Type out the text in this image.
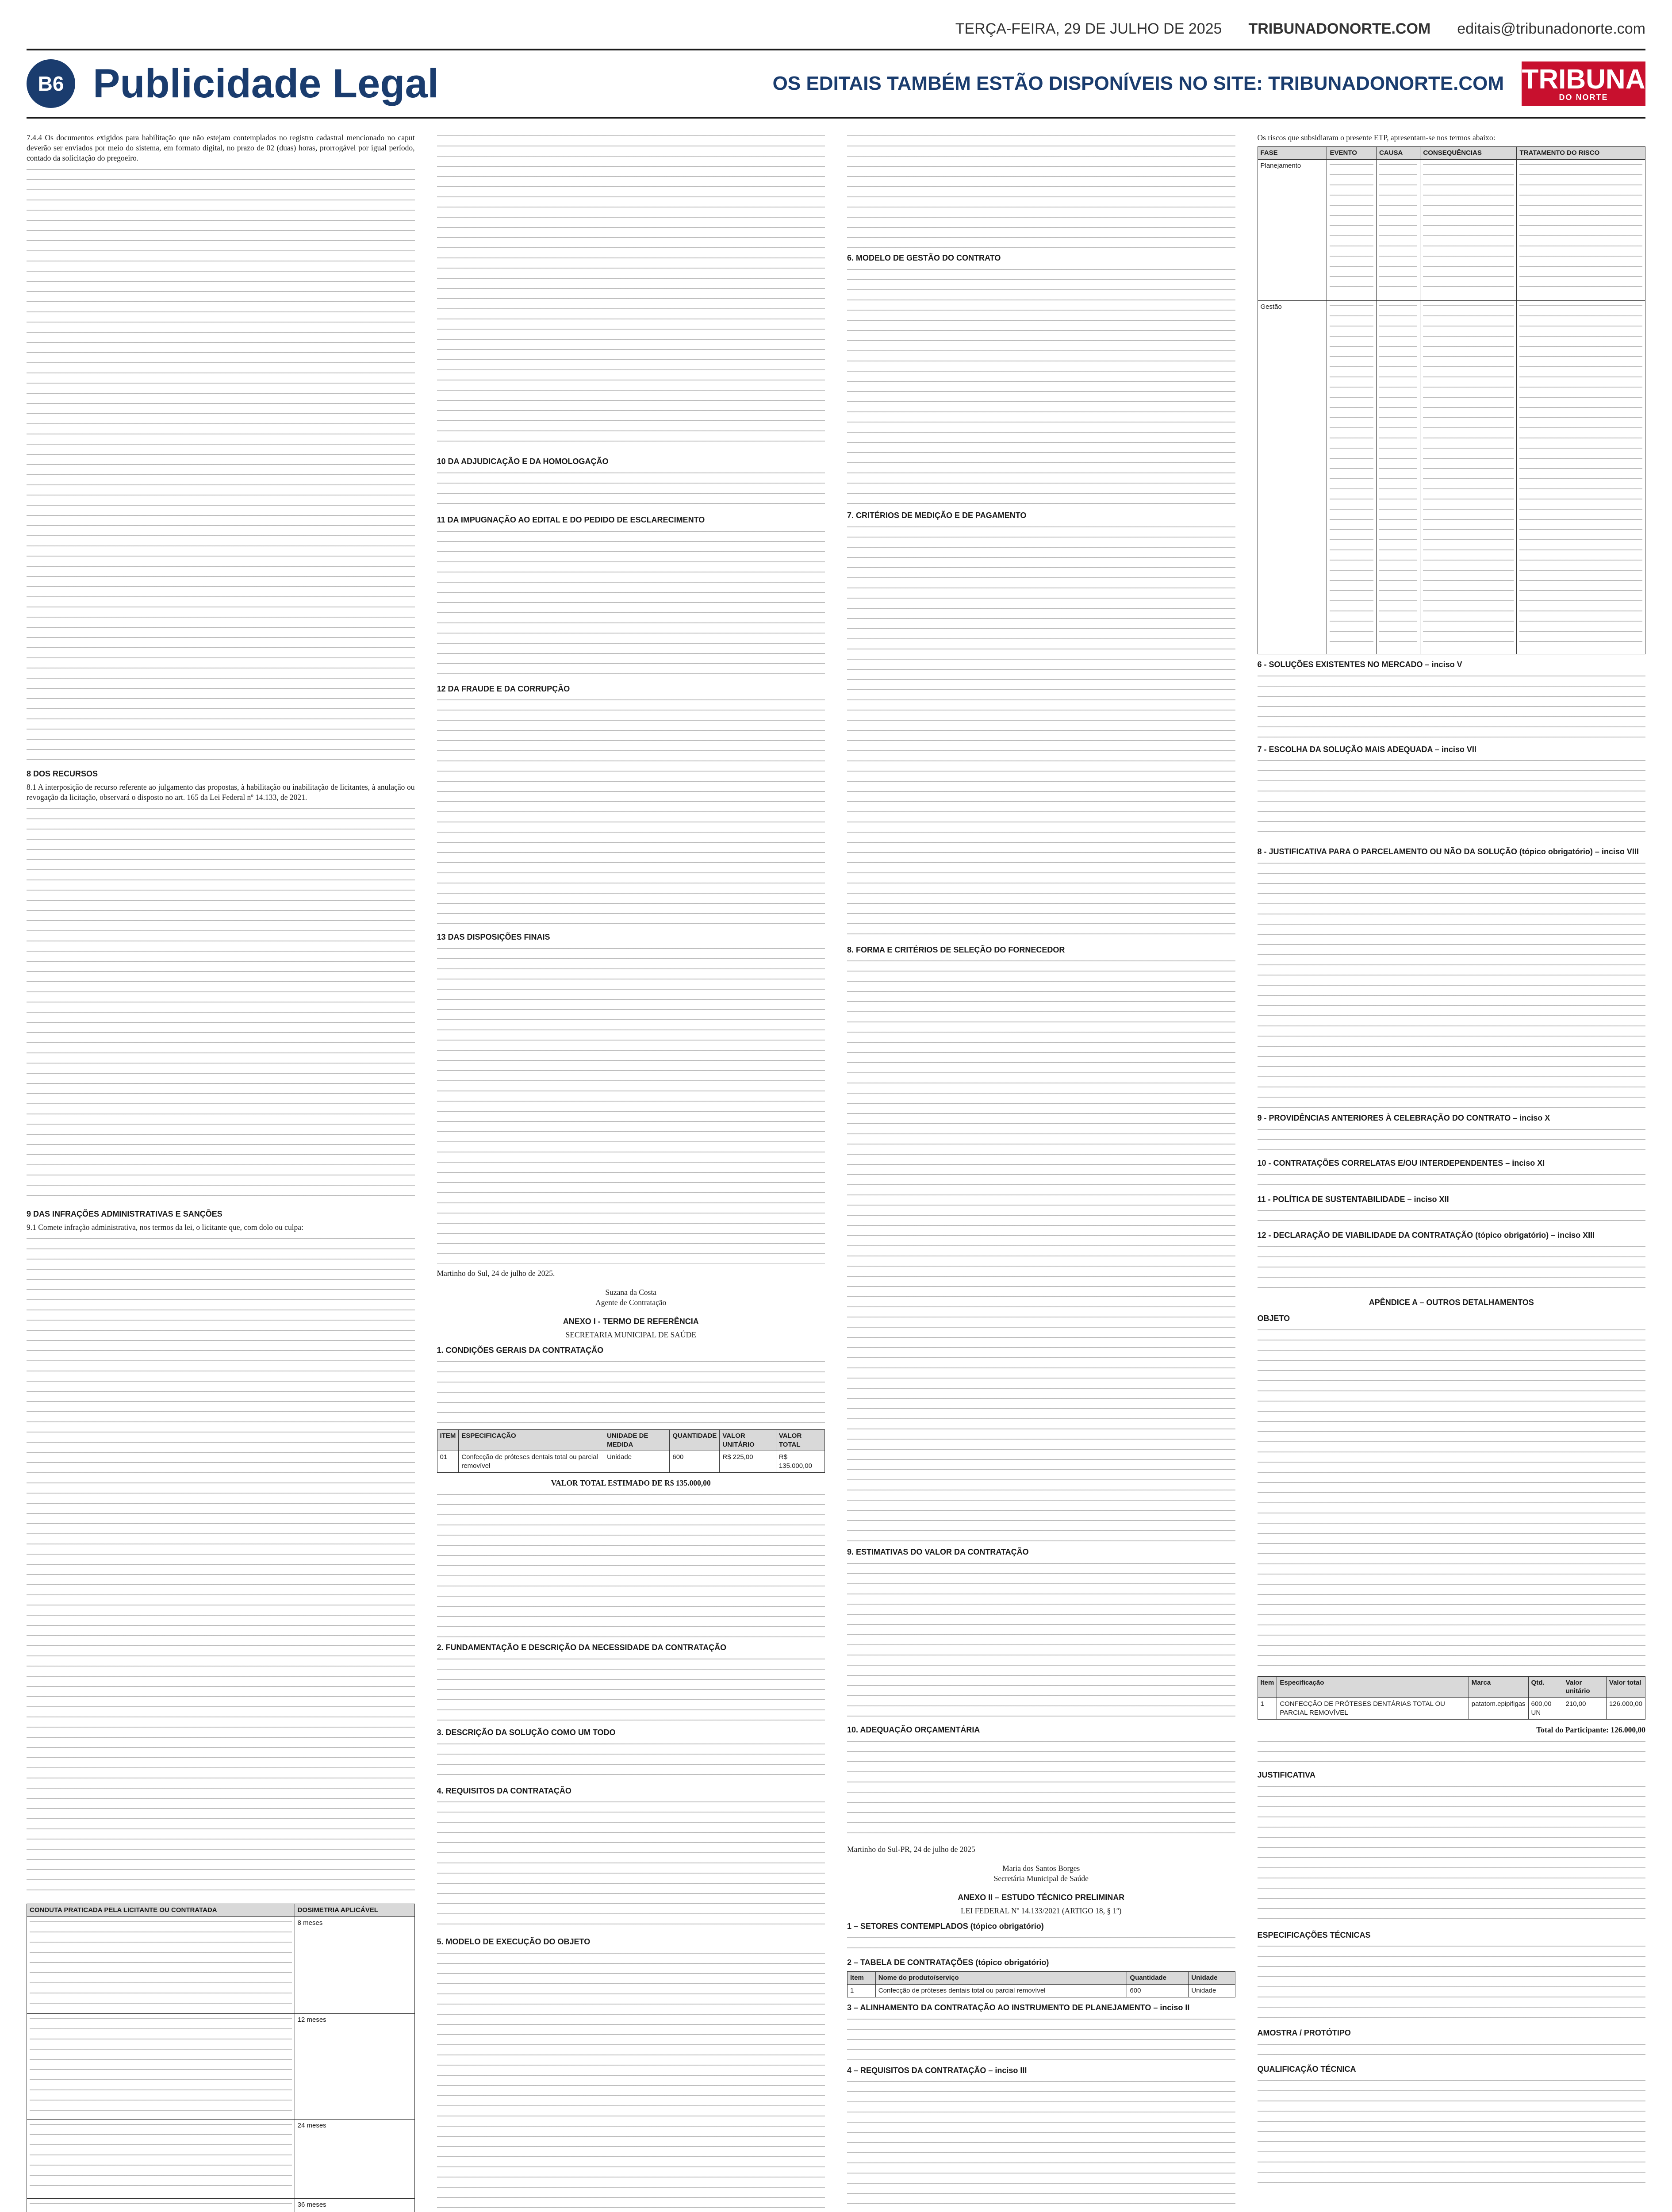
TERÇA-FEIRA, 29 DE JULHO DE 2025 TRIBUNADONORTE.COM editais@tribunadonorte.com
B6 Publicidade Legal	OS EDITAIS TAMBÉM ESTÃO DISPONÍVEIS NO SITE: TRIBUNADONORTE.COM TRIBUNA
DO NORTE

7.4.4 Os documentos exigidos para habilitação que não estejam contemplados no registro cadastral mencionado no caput deverão ser enviados por meio do sistema, em formato digital, no prazo de 02 (duas) horas, prorrogável por igual período, contado da solicitação do pregoeiro.

8 DOS RECURSOS

8.1 A interposição de recurso referente ao julgamento das propostas, à habilitação ou inabilitação de licitantes, à anulação ou revogação da licitação, observará o disposto no art. 165 da Lei Federal nº 14.133, de 2021.

9 DAS INFRAÇÕES ADMINISTRATIVAS E SANÇÕES

9.1 Comete infração administrativa, nos termos da lei, o licitante que, com dolo ou culpa:

CONDUTA PRATICADA PELA LICITANTE OU CONTRATADA	DOSIMETRIA APLICÁVEL

	8 meses

	12 meses

	24 meses

	36 meses
10 DA ADJUDICAÇÃO E DA HOMOLOGAÇÃO
11 DA IMPUGNAÇÃO AO EDITAL E DO PEDIDO DE ESCLARECIMENTO
12 DA FRAUDE E DA CORRUPÇÃO
13 DAS DISPOSIÇÕES FINAIS

Martinho do Sul, 24 de julho de 2025.

Suzana da Costa
Agente de Contratação
ANEXO I - TERMO DE REFERÊNCIA

SECRETARIA MUNICIPAL DE SAÚDE

1. CONDIÇÕES GERAIS DA CONTRATAÇÃO
ITEM	ESPECIFICAÇÃO	UNIDADE DE MEDIDA	QUANTIDADE	VALOR UNITÁRIO	VALOR TOTAL
01	Confecção de próteses dentais total ou parcial removível	Unidade	600	R$ 225,00	R$ 135.000,00

VALOR TOTAL ESTIMADO DE R$ 135.000,00

2. FUNDAMENTAÇÃO E DESCRIÇÃO DA NECESSIDADE DA CONTRATAÇÃO
3. DESCRIÇÃO DA SOLUÇÃO COMO UM TODO
4. REQUISITOS DA CONTRATAÇÃO
5. MODELO DE EXECUÇÃO DO OBJETO
6. MODELO DE GESTÃO DO CONTRATO
7. CRITÉRIOS DE MEDIÇÃO E DE PAGAMENTO
8. FORMA E CRITÉRIOS DE SELEÇÃO DO FORNECEDOR
9. ESTIMATIVAS DO VALOR DA CONTRATAÇÃO
10. ADEQUAÇÃO ORÇAMENTÁRIA

Martinho do Sul-PR, 24 de julho de 2025

Maria dos Santos Borges
Secretária Municipal de Saúde
ANEXO II – ESTUDO TÉCNICO PRELIMINAR

LEI FEDERAL Nº 14.133/2021 (ARTIGO 18, § 1º)

1 – SETORES CONTEMPLADOS (tópico obrigatório)
2 – TABELA DE CONTRATAÇÕES (tópico obrigatório)
Item	Nome do produto/serviço	Quantidade	Unidade
1	Confecção de próteses dentais total ou parcial removível	600	Unidade
3 – ALINHAMENTO DA CONTRATAÇÃO AO INSTRUMENTO DE PLANEJAMENTO – inciso II
4 – REQUISITOS DA CONTRATAÇÃO – inciso III

Os riscos que subsidiaram o presente ETP, apresentam-se nos termos abaixo:

FASE	EVENTO	CAUSA	CONSEQUÊNCIAS	TRATAMENTO DO RISCO
Planejamento	

Gestão	

6 - SOLUÇÕES EXISTENTES NO MERCADO – inciso V
7 - ESCOLHA DA SOLUÇÃO MAIS ADEQUADA – inciso VII
8 - JUSTIFICATIVA PARA O PARCELAMENTO OU NÃO DA SOLUÇÃO (tópico obrigatório) – inciso VIII
9 - PROVIDÊNCIAS ANTERIORES À CELEBRAÇÃO DO CONTRATO – inciso X
10 - CONTRATAÇÕES CORRELATAS E/OU INTERDEPENDENTES – inciso XI
11 - POLÍTICA DE SUSTENTABILIDADE – inciso XII
12 - DECLARAÇÃO DE VIABILIDADE DA CONTRATAÇÃO (tópico obrigatório) – inciso XIII
APÊNDICE A – OUTROS DETALHAMENTOS
OBJETO
Item	Especificação	Marca	Qtd.	Valor unitário	Valor total
1	CONFECÇÃO DE PRÓTESES DENTÁRIAS TOTAL OU PARCIAL REMOVÍVEL	patatom.epipifigas	600,00 UN	210,00	126.000,00

Total do Participante: 126.000,00

JUSTIFICATIVA
ESPECIFICAÇÕES TÉCNICAS
AMOSTRA / PROTÓTIPO
QUALIFICAÇÃO TÉCNICA
